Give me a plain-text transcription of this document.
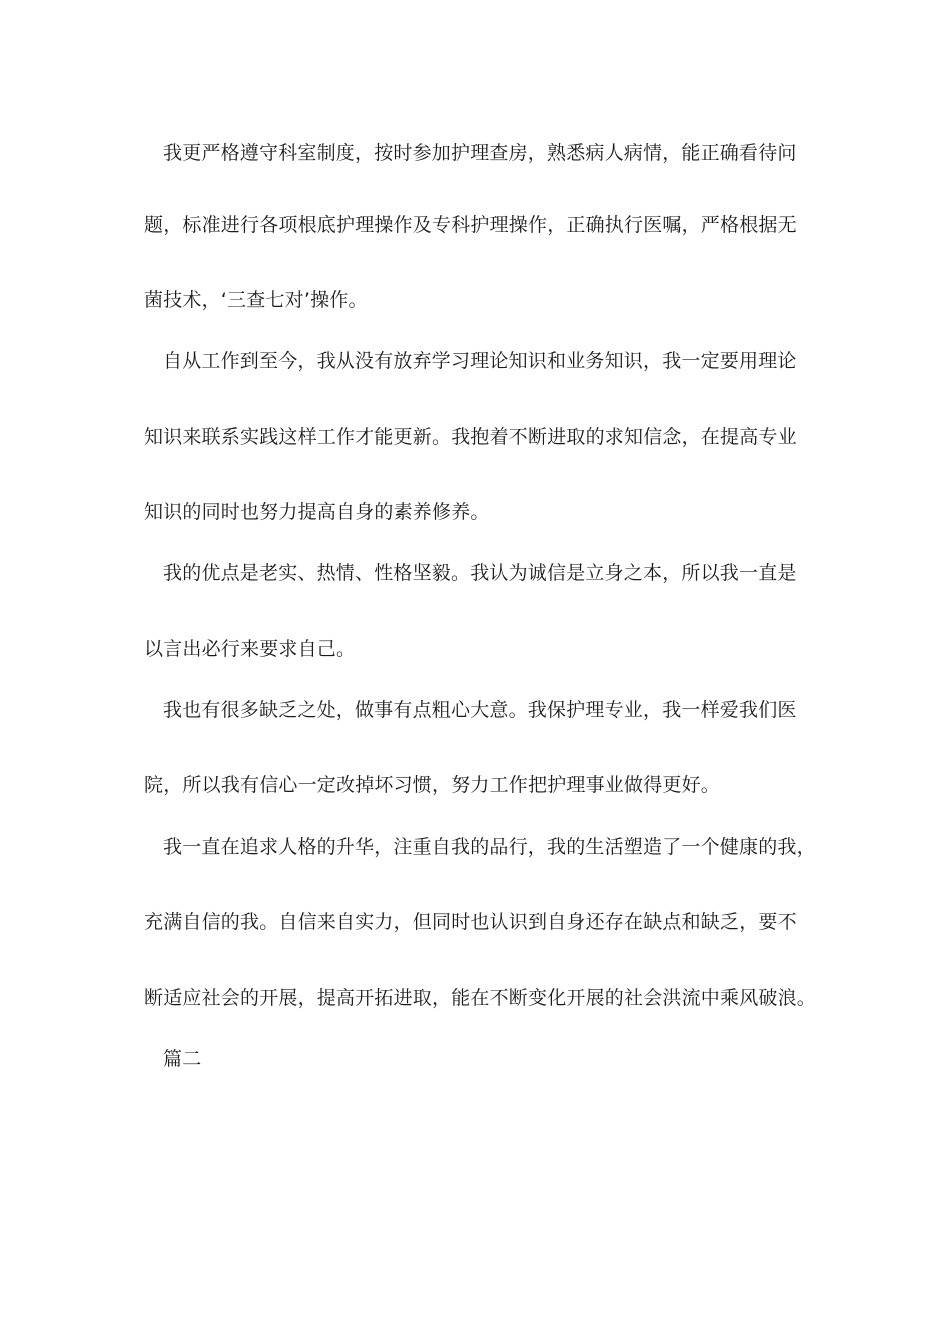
我更严格遵守科室制度，按时参加护理查房，熟悉病人病情，能正确看待问
题，标准进行各项根底护理操作及专科护理操作，正确执行医嘱，严格根据无
菌技术，‘三查七对’操作。
自从工作到至今，我从没有放弃学习理论知识和业务知识，我一定要用理论
知识来联系实践这样工作才能更新。我抱着不断进取的求知信念，在提高专业
知识的同时也努力提高自身的素养修养。
我的优点是老实、热情、性格坚毅。我认为诚信是立身之本，所以我一直是
以言出必行来要求自己。
我也有很多缺乏之处，做事有点粗心大意。我保护理专业，我一样爱我们医
院，所以我有信心一定改掉坏习惯，努力工作把护理事业做得更好。
我一直在追求人格的升华，注重自我的品行，我的生活塑造了一个健康的我，
充满自信的我。自信来自实力，但同时也认识到自身还存在缺点和缺乏，要不
断适应社会的开展，提高开拓进取，能在不断变化开展的社会洪流中乘风破浪。
篇二
